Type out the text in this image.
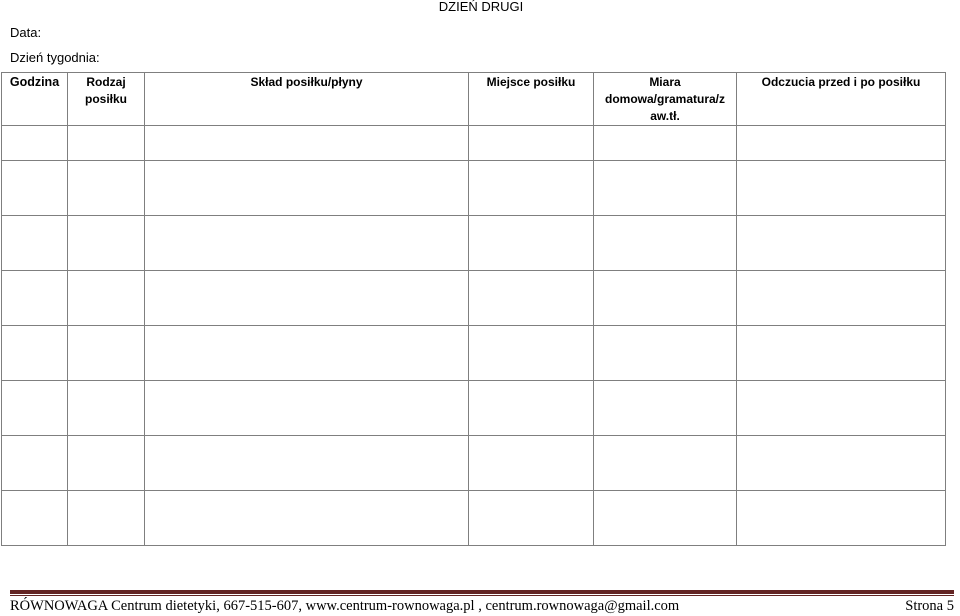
DZIEŃ DRUGI
Data:
Dzień tygodnia:
Godzina	Rodzaj posiłku	Skład posiłku/płyny	Miejsce posiłku	Miara domowa/gramatura/z aw.tł.	Odczucia przed i po posiłku

RÓWNOWAGA Centrum dietetyki, 667-515-607, www.centrum-rownowaga.pl , centrum.rownowaga@gmail.com	Strona 5
